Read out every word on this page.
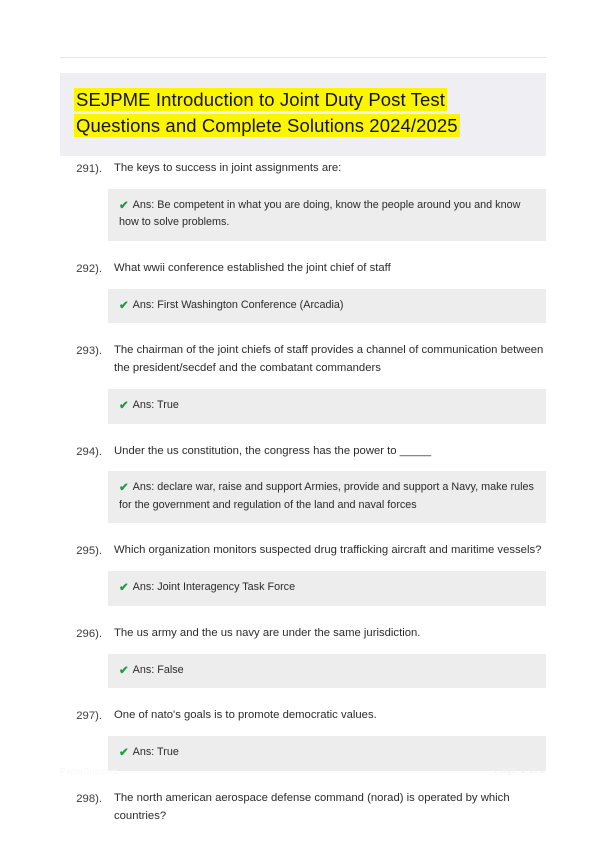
SEJPME Introduction to Joint Duty Post Test Questions and Complete Solutions 2024/2025
291).	The keys to success in joint assignments are:
✔ Ans: Be competent in what you are doing, know the people around you and know how to solve problems.
292).	What wwii conference established the joint chief of staff
✔ Ans: First Washington Conference (Arcadia)
293).	The chairman of the joint chiefs of staff provides a channel of communication between the president/secdef and the combatant commanders
✔ Ans: True
294).	Under the us constitution, the congress has the power to _____
✔ Ans: declare war, raise and support Armies, provide and support a Navy, make rules for the government and regulation of the land and naval forces
295).	Which organization monitors suspected drug trafficking aircraft and maritime vessels?
✔ Ans: Joint Interagency Task Force
296).	The us army and the us navy are under the same jurisdiction.
✔ Ans: False
297).	One of nato's goals is to promote democratic values.
✔ Ans: True
298).	The north american aerospace defense command (norad) is operated by which countries?
PaperStic.com	Page 1 of 2
